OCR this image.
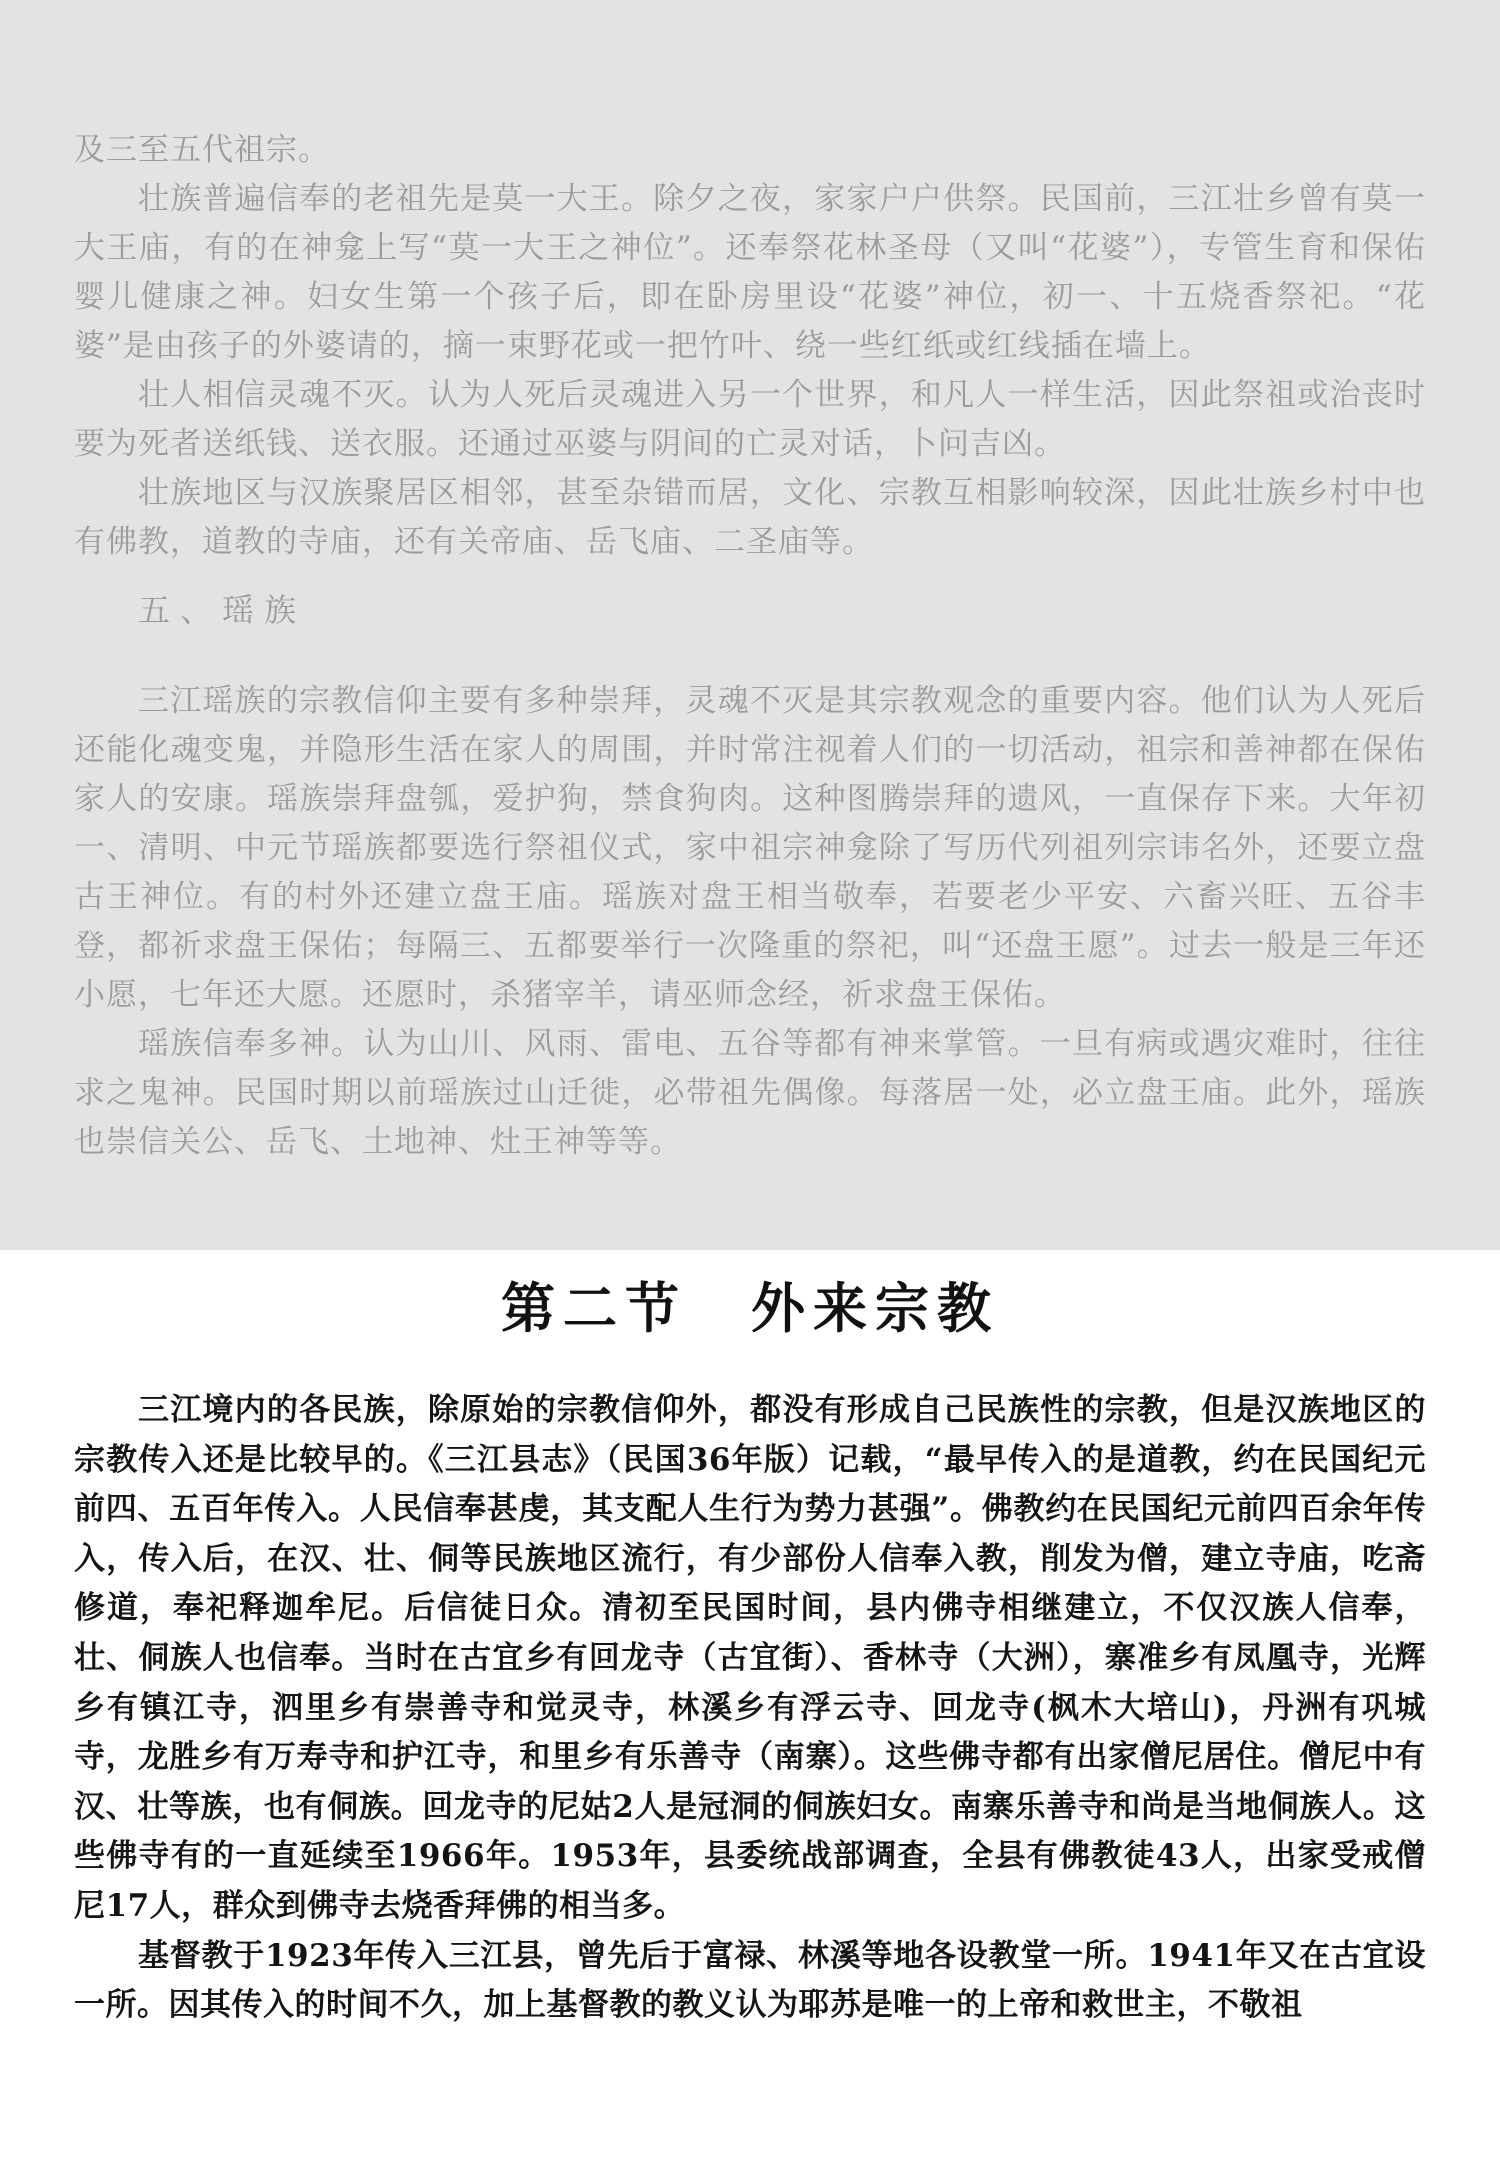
及三至五代祖宗。

壮族普遍信奉的老祖先是莫一大王。除夕之夜，家家户户供祭。民国前，三江壮乡曾有莫一大王庙，有的在神龛上写“莫一大王之神位”。还奉祭花林圣母（又叫“花婆”），专管生育和保佑婴儿健康之神。妇女生第一个孩子后，即在卧房里设“花婆”神位，初一、十五烧香祭祀。“花婆”是由孩子的外婆请的，摘一束野花或一把竹叶、绕一些红纸或红线插在墙上。

壮人相信灵魂不灭。认为人死后灵魂进入另一个世界，和凡人一样生活，因此祭祖或治丧时要为死者送纸钱、送衣服。还通过巫婆与阴间的亡灵对话，卜问吉凶。

壮族地区与汉族聚居区相邻，甚至杂错而居，文化、宗教互相影响较深，因此壮族乡村中也有佛教，道教的寺庙，还有关帝庙、岳飞庙、二圣庙等。

五、瑶族

三江瑶族的宗教信仰主要有多种崇拜，灵魂不灭是其宗教观念的重要内容。他们认为人死后还能化魂变鬼，并隐形生活在家人的周围，并时常注视着人们的一切活动，祖宗和善神都在保佑家人的安康。瑶族崇拜盘瓠，爱护狗，禁食狗肉。这种图腾崇拜的遗风，一直保存下来。大年初一、清明、中元节瑶族都要选行祭祖仪式，家中祖宗神龛除了写历代列祖列宗讳名外，还要立盘古王神位。有的村外还建立盘王庙。瑶族对盘王相当敬奉，若要老少平安、六畜兴旺、五谷丰登，都祈求盘王保佑；每隔三、五都要举行一次隆重的祭祀，叫“还盘王愿”。过去一般是三年还小愿，七年还大愿。还愿时，杀猪宰羊，请巫师念经，祈求盘王保佑。

瑶族信奉多神。认为山川、风雨、雷电、五谷等都有神来掌管。一旦有病或遇灾难时，往往求之鬼神。民国时期以前瑶族过山迁徙，必带祖先偶像。每落居一处，必立盘王庙。此外，瑶族也崇信关公、岳飞、土地神、灶王神等等。

第二节 外来宗教

三江境内的各民族，除原始的宗教信仰外，都没有形成自己民族性的宗教，但是汉族地区的宗教传入还是比较早的。《三江县志》（民国36年版）记载，“最早传入的是道教，约在民国纪元前四、五百年传入。人民信奉甚虔，其支配人生行为势力甚强”。佛教约在民国纪元前四百余年传入，传入后，在汉、壮、侗等民族地区流行，有少部份人信奉入教，削发为僧，建立寺庙，吃斋修道，奉祀释迦牟尼。后信徒日众。清初至民国时间，县内佛寺相继建立，不仅汉族人信奉，壮、侗族人也信奉。当时在古宜乡有回龙寺（古宜街）、香林寺（大洲），寨准乡有凤凰寺，光辉乡有镇江寺，泗里乡有崇善寺和觉灵寺，林溪乡有浮云寺、回龙寺(枫木大培山)，丹洲有巩城寺，龙胜乡有万寿寺和护江寺，和里乡有乐善寺（南寨）。这些佛寺都有出家僧尼居住。僧尼中有汉、壮等族，也有侗族。回龙寺的尼姑2人是冠洞的侗族妇女。南寨乐善寺和尚是当地侗族人。这些佛寺有的一直延续至1966年。1953年，县委统战部调查，全县有佛教徒43人，出家受戒僧尼17人，群众到佛寺去烧香拜佛的相当多。

基督教于1923年传入三江县，曾先后于富禄、林溪等地各设教堂一所。1941年又在古宜设一所。因其传入的时间不久，加上基督教的教义认为耶苏是唯一的上帝和救世主，不敬祖
